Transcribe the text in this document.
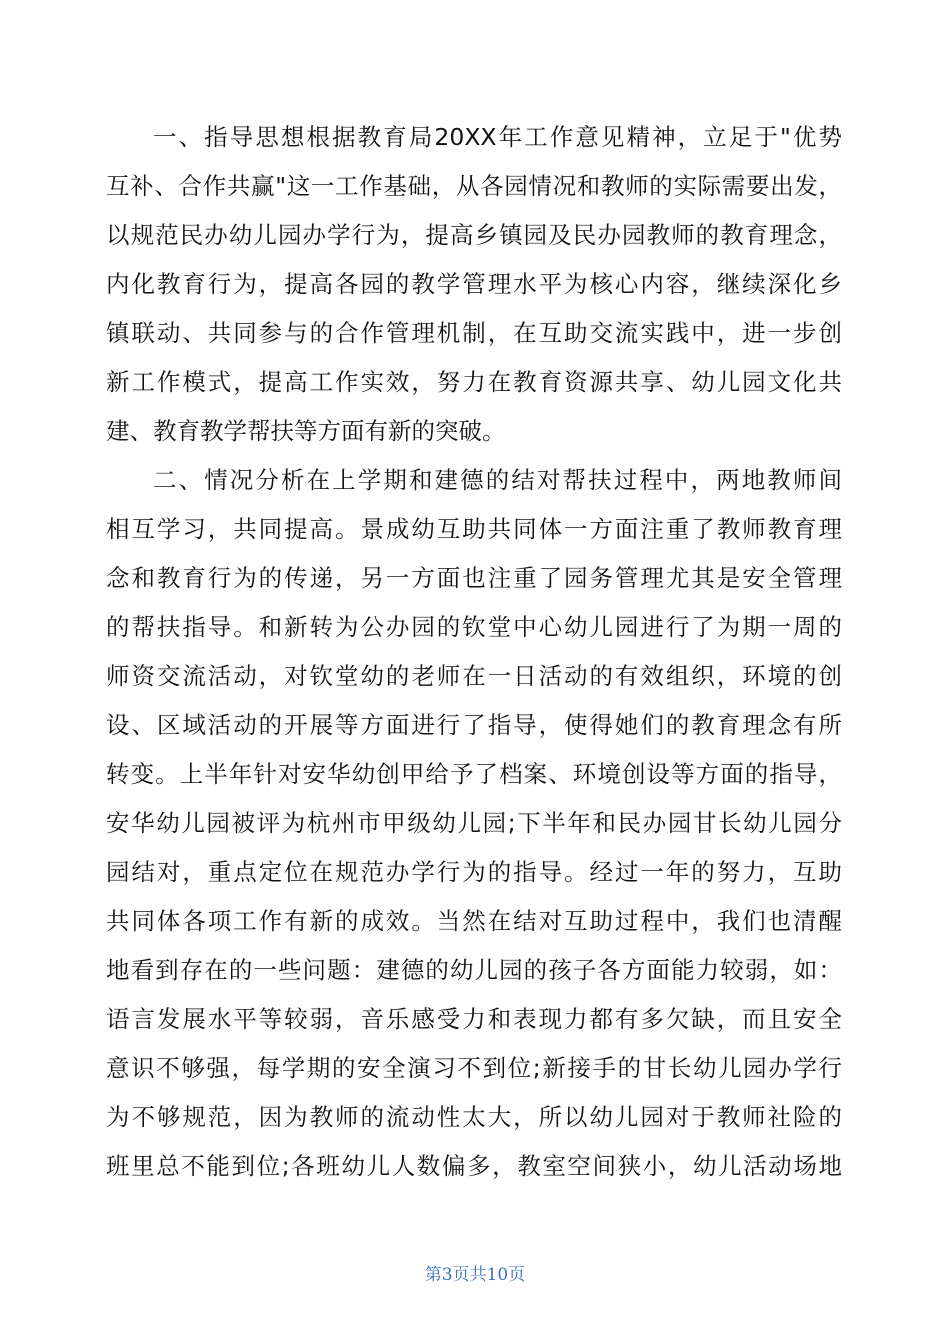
一、指导思想根据教育局20XX年工作意见精神，立足于"优势
互补、合作共赢"这一工作基础，从各园情况和教师的实际需要出发，
以规范民办幼儿园办学行为，提高乡镇园及民办园教师的教育理念，
内化教育行为，提高各园的教学管理水平为核心内容，继续深化乡
镇联动、共同参与的合作管理机制，在互助交流实践中，进一步创
新工作模式，提高工作实效，努力在教育资源共享、幼儿园文化共
建、教育教学帮扶等方面有新的突破。
二、情况分析在上学期和建德的结对帮扶过程中，两地教师间
相互学习，共同提高。景成幼互助共同体一方面注重了教师教育理
念和教育行为的传递，另一方面也注重了园务管理尤其是安全管理
的帮扶指导。和新转为公办园的钦堂中心幼儿园进行了为期一周的
师资交流活动，对钦堂幼的老师在一日活动的有效组织，环境的创
设、区域活动的开展等方面进行了指导，使得她们的教育理念有所
转变。上半年针对安华幼创甲给予了档案、环境创设等方面的指导，
安华幼儿园被评为杭州市甲级幼儿园;下半年和民办园甘长幼儿园分
园结对，重点定位在规范办学行为的指导。经过一年的努力，互助
共同体各项工作有新的成效。当然在结对互助过程中，我们也清醒
地看到存在的一些问题：建德的幼儿园的孩子各方面能力较弱，如：
语言发展水平等较弱，音乐感受力和表现力都有多欠缺，而且安全
意识不够强，每学期的安全演习不到位;新接手的甘长幼儿园办学行
为不够规范，因为教师的流动性太大，所以幼儿园对于教师社险的
班里总不能到位;各班幼儿人数偏多，教室空间狭小，幼儿活动场地
第3页共10页
